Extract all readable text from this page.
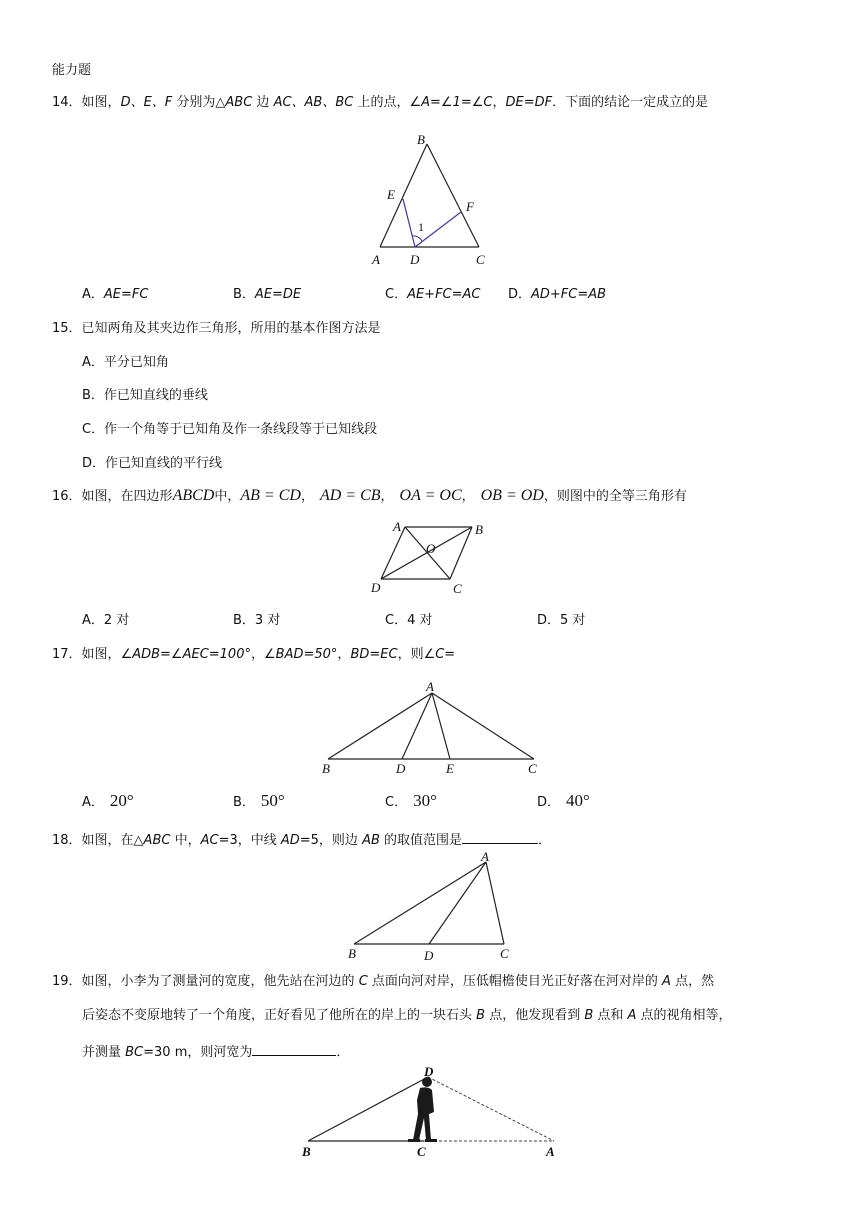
能力题
14．如图，D、E、F 分别为△ABC 边 AC、AB、BC 上的点，∠A=∠1=∠C，DE=DF．下面的结论一定成立的是
B
E
F
1
A D	C
A．AE=FC	B．AE=DE	C．AE+FC=AC D．AD+FC=AB
15．已知两角及其夹边作三角形，所用的基本作图方法是
A．平分已知角
B．作已知直线的垂线
C．作一个角等于已知角及作一条线段等于已知线段
D．作已知直线的平行线
16．如图，在四边形ABCD中，AB = CD， AD = CB， OA = OC， OB = OD，则图中的全等三角形有
A	B
O
D	C
A．2 对	B．3 对	C．4 对	D．5 对
17．如图，∠ADB=∠AEC=100°，∠BAD=50°，BD=EC，则∠C=
A
B	D	E	C
A． 20°	B． 50°	C． 30°	D． 40°
18．如图，在△ABC 中，AC=3，中线 AD=5，则边 AB 的取值范围是	．
A
B	D	C
19．如图，小李为了测量河的宽度，他先站在河边的 C 点面向河对岸，压低帽檐使目光正好落在河对岸的 A 点，然
后姿态不变原地转了一个角度，正好看见了他所在的岸上的一块石头 B 点，他发现看到 B 点和 A 点的视角相等，
并测量 BC=30 m，则河宽为	．
D
B	C	A
